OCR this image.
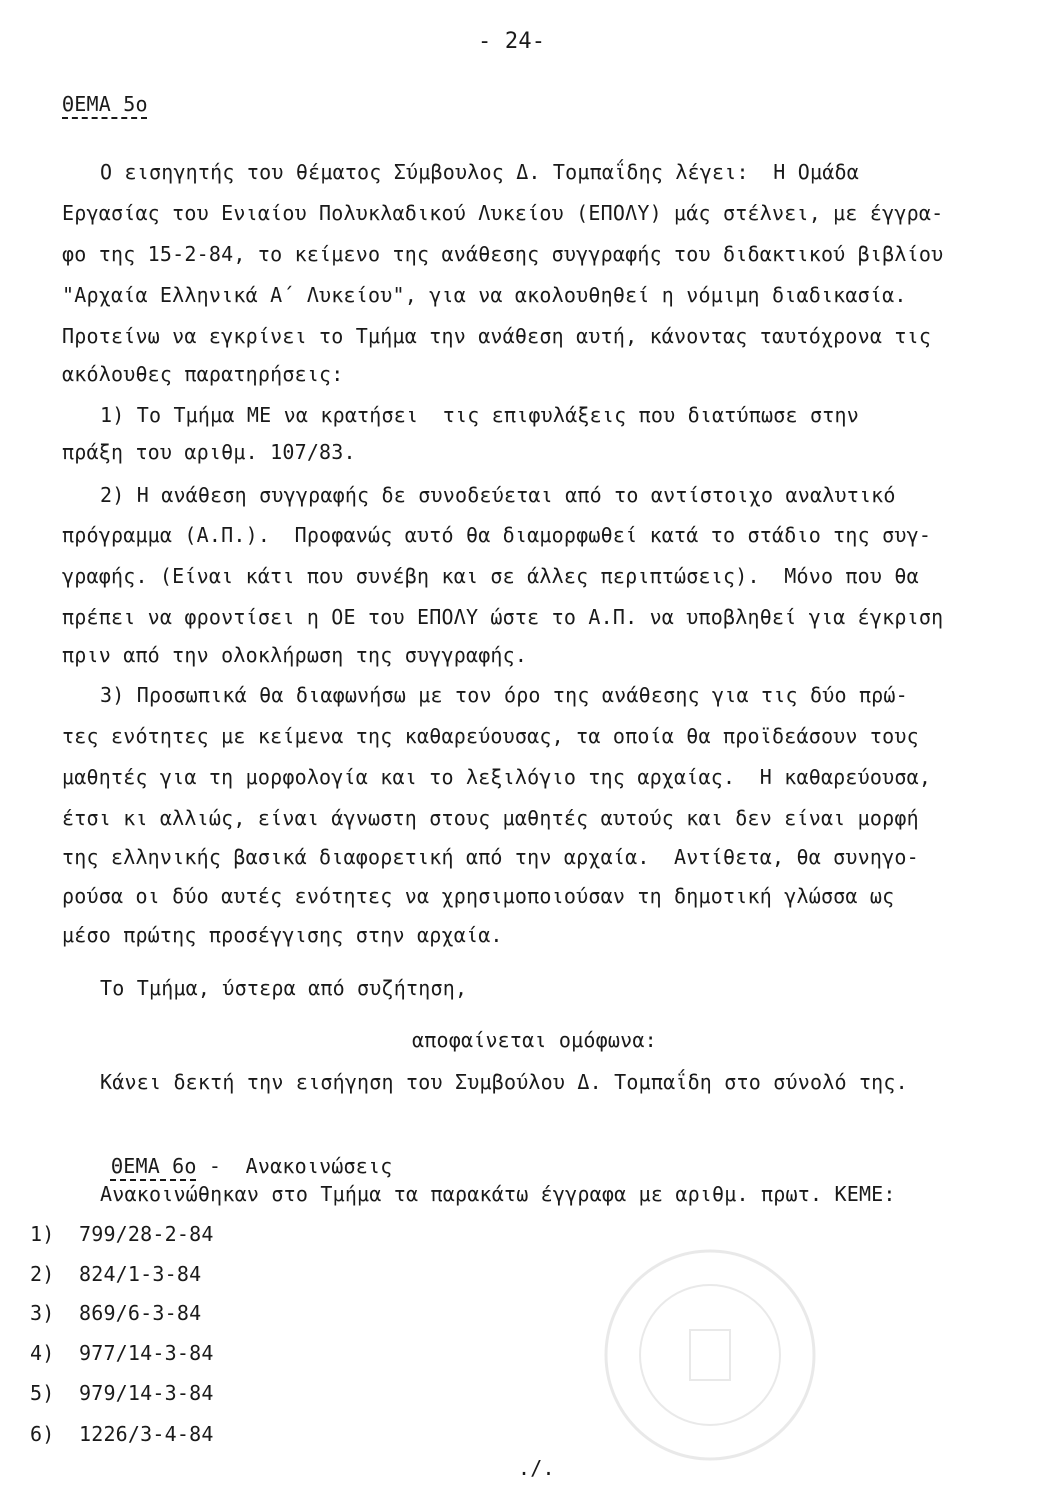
- 24-
ΘΕΜΑ 5ο
Ο εισηγητής του θέματος Σύμβουλος Δ. Τομπαΐδης λέγει:  Η Ομάδα
Εργασίας του Ενιαίου Πολυκλαδικού Λυκείου (ΕΠΟΛΥ) μάς στέλνει, με έγγρα-
φο της 15-2-84, το κείμενο της ανάθεσης συγγραφής του διδακτικού βιβλίου
"Αρχαία Ελληνικά Α΄ Λυκείου", για να ακολουθηθεί η νόμιμη διαδικασία.
Προτείνω να εγκρίνει το Τμήμα την ανάθεση αυτή, κάνοντας ταυτόχρονα τις
ακόλουθες παρατηρήσεις:
1) Το Τμήμα ΜΕ να κρατήσει  τις επιφυλάξεις που διατύπωσε στην
πράξη του αριθμ. 107/83.
2) Η ανάθεση συγγραφής δε συνοδεύεται από το αντίστοιχο αναλυτικό
πρόγραμμα (Α.Π.).  Προφανώς αυτό θα διαμορφωθεί κατά το στάδιο της συγ-
γραφής. (Είναι κάτι που συνέβη και σε άλλες περιπτώσεις).  Μόνο που θα
πρέπει να φροντίσει η ΟΕ του ΕΠΟΛΥ ώστε το Α.Π. να υποβληθεί για έγκριση
πριν από την ολοκλήρωση της συγγραφής.
3) Προσωπικά θα διαφωνήσω με τον όρο της ανάθεσης για τις δύο πρώ-
τες ενότητες με κείμενα της καθαρεύουσας, τα οποία θα προϊδεάσουν τους
μαθητές για τη μορφολογία και το λεξιλόγιο της αρχαίας.  Η καθαρεύουσα,
έτσι κι αλλιώς, είναι άγνωστη στους μαθητές αυτούς και δεν είναι μορφή
της ελληνικής βασικά διαφορετική από την αρχαία.  Αντίθετα, θα συνηγο-
ρούσα οι δύο αυτές ενότητες να χρησιμοποιούσαν τη δημοτική γλώσσα ως
μέσο πρώτης προσέγγισης στην αρχαία.
Το Τμήμα, ύστερα από συζήτηση,
αποφαίνεται ομόφωνα:
Κάνει δεκτή την εισήγηση του Συμβούλου Δ. Τομπαΐδη στο σύνολό της.

ΘΕΜΑ 6ο -  Ανακοινώσεις

Ανακοινώθηκαν στο Τμήμα τα παρακάτω έγγραφα με αριθμ. πρωτ. ΚΕΜΕ:
1)  799/28-2-84
2)  824/1-3-84
3)  869/6-3-84
4)  977/14-3-84
5)  979/14-3-84
6)  1226/3-4-84
./.
